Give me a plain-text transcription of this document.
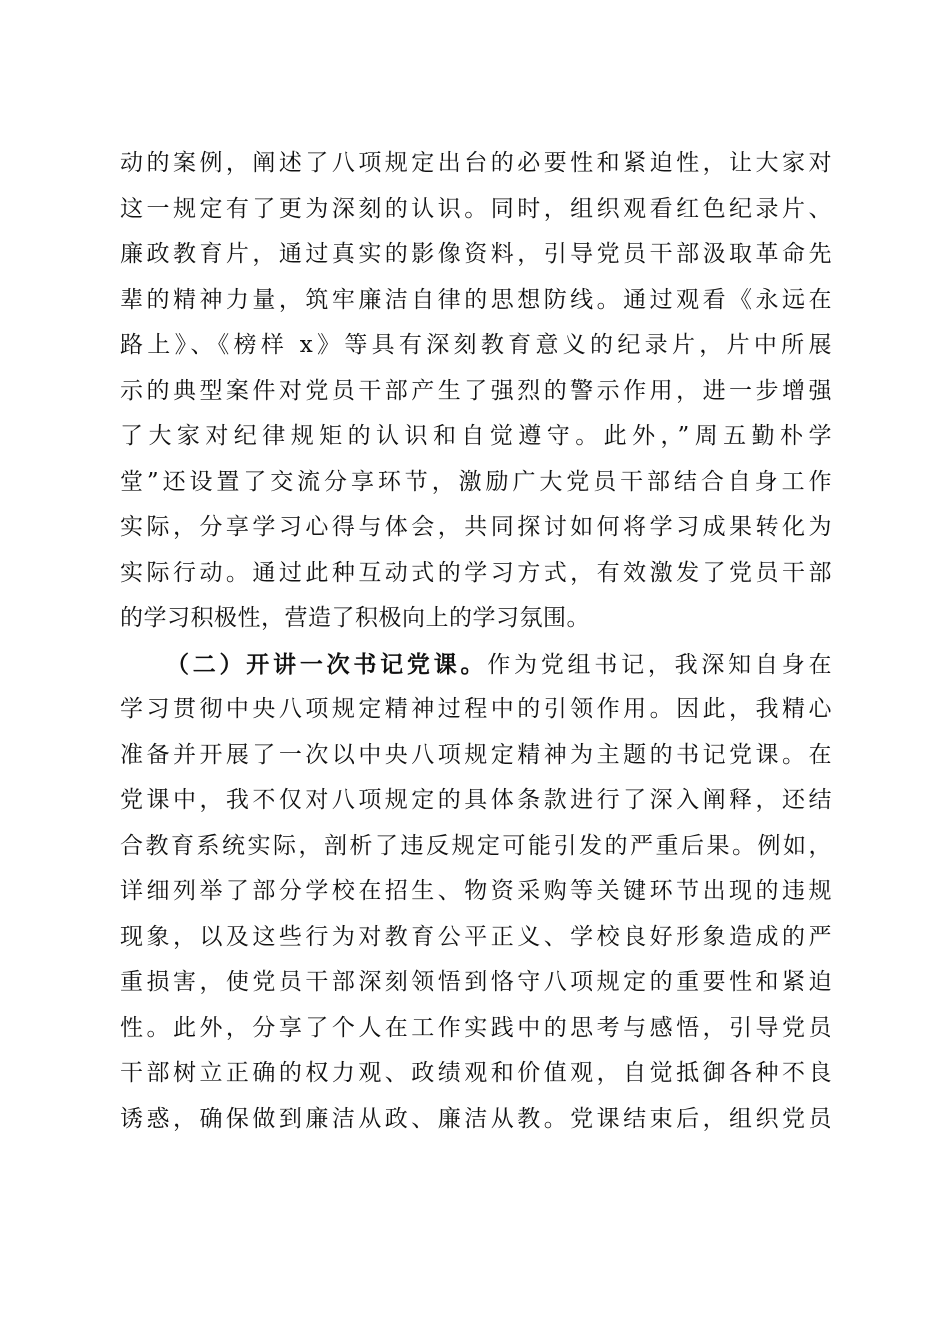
动的案例，阐述了八项规定出台的必要性和紧迫性，让大家对
这一规定有了更为深刻的认识。同时，组织观看红色纪录片、
廉政教育片，通过真实的影像资料，引导党员干部汲取革命先
辈的精神力量，筑牢廉洁自律的思想防线。通过观看《永远在
路上》、《榜样 x》等具有深刻教育意义的纪录片，片中所展
示的典型案件对党员干部产生了强烈的警示作用，进一步增强
了大家对纪律规矩的认识和自觉遵守。此外，”周五勤朴学
堂”还设置了交流分享环节，激励广大党员干部结合自身工作
实际，分享学习心得与体会，共同探讨如何将学习成果转化为
实际行动。通过此种互动式的学习方式，有效激发了党员干部
的学习积极性，营造了积极向上的学习氛围。
（二）开讲一次书记党课。作为党组书记，我深知自身在
学习贯彻中央八项规定精神过程中的引领作用。因此，我精心
准备并开展了一次以中央八项规定精神为主题的书记党课。在
党课中，我不仅对八项规定的具体条款进行了深入阐释，还结
合教育系统实际，剖析了违反规定可能引发的严重后果。例如，
详细列举了部分学校在招生、物资采购等关键环节出现的违规
现象，以及这些行为对教育公平正义、学校良好形象造成的严
重损害，使党员干部深刻领悟到恪守八项规定的重要性和紧迫
性。此外，分享了个人在工作实践中的思考与感悟，引导党员
干部树立正确的权力观、政绩观和价值观，自觉抵御各种不良
诱惑，确保做到廉洁从政、廉洁从教。党课结束后，组织党员
